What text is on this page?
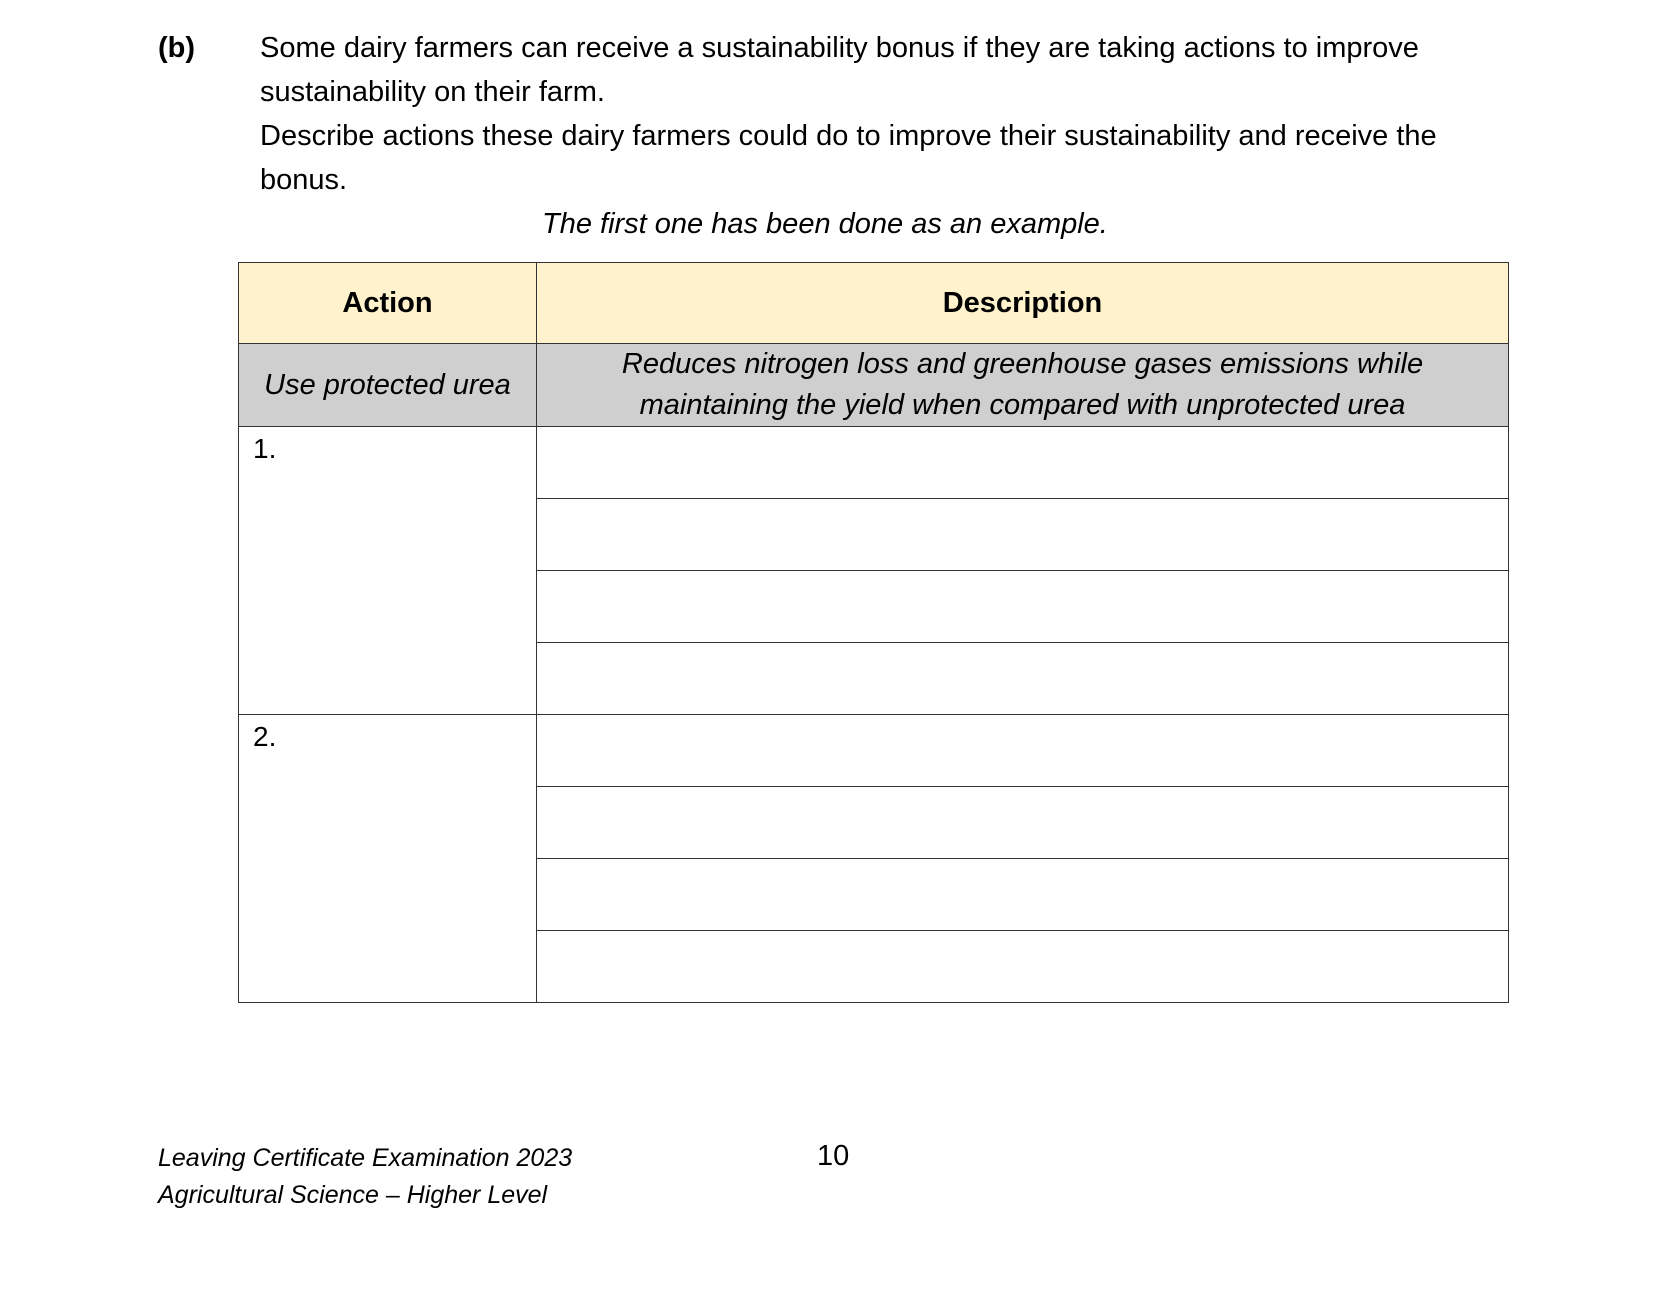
(b) Some dairy farmers can receive a sustainability bonus if they are taking actions to improve sustainability on their farm.

Describe actions these dairy farmers could do to improve their sustainability and receive the bonus.

The first one has been done as an example.
Action	Description
Use protected urea	Reduces nitrogen loss and greenhouse gases emissions while
maintaining the yield when compared with unprotected urea

1.	

2.	

Leaving Certificate Examination 2023
Agricultural Science – Higher Level
10
